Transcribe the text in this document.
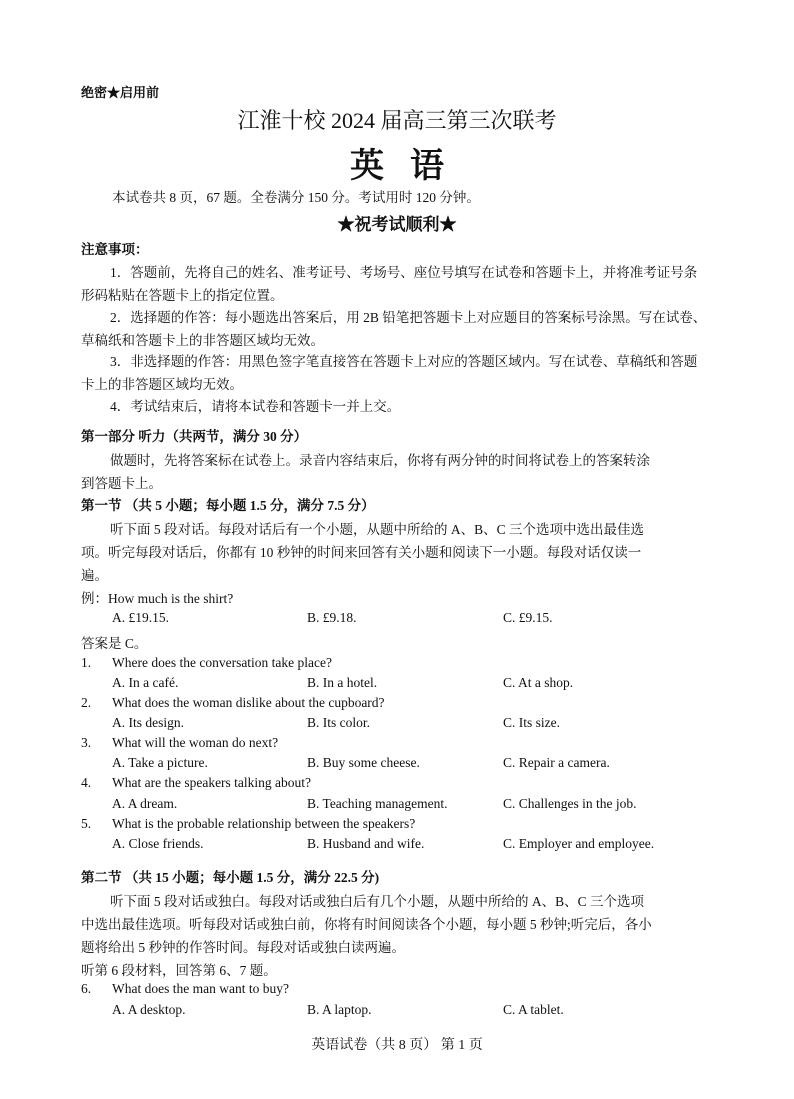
绝密★启用前
江淮十校 2024 届高三第三次联考
英语
本试卷共 8 页，67 题。全卷满分 150 分。考试用时 120 分钟。
★祝考试顺利★
注意事项：
1．答题前，先将自己的姓名、准考证号、考场号、座位号填写在试卷和答题卡上，并将准考证号条
形码粘贴在答题卡上的指定位置。
2．选择题的作答：每小题选出答案后，用 2B 铅笔把答题卡上对应题目的答案标号涂黑。写在试卷、
草稿纸和答题卡上的非答题区域均无效。
3．非选择题的作答：用黑色签字笔直接答在答题卡上对应的答题区域内。写在试卷、草稿纸和答题
卡上的非答题区域均无效。
4．考试结束后，请将本试卷和答题卡一并上交。
第一部分 听力（共两节，满分 30 分）
做题时，先将答案标在试卷上。录音内容结束后，你将有两分钟的时间将试卷上的答案转涂
到答题卡上。
第一节 （共 5 小题；每小题 1.5 分，满分 7.5 分）
听下面 5 段对话。每段对话后有一个小题，从题中所给的 A、B、C 三个选项中选出最佳选
项。听完每段对话后，你都有 10 秒钟的时间来回答有关小题和阅读下一小题。每段对话仅读一
遍。
例：How much is the shirt?
A. £19.15.	B. £9.18.	C. £9.15.
答案是 C。
1. Where does the conversation take place?
A. In a café.	B. In a hotel.	C. At a shop.
2. What does the woman dislike about the cupboard?
A. Its design.	B. Its color.	C. Its size.
3. What will the woman do next?
A. Take a picture.	B. Buy some cheese.	C. Repair a camera.
4. What are the speakers talking about?
A. A dream.	B. Teaching management.	C. Challenges in the job.
5. What is the probable relationship between the speakers?
A. Close friends.	B. Husband and wife.	C. Employer and employee.
第二节 （共 15 小题；每小题 1.5 分，满分 22.5 分)
听下面 5 段对话或独白。每段对话或独白后有几个小题，从题中所给的 A、B、C 三个选项
中选出最佳选项。听每段对话或独白前，你将有时间阅读各个小题，每小题 5 秒钟;听完后，各小
题将给出 5 秒钟的作答时间。每段对话或独白读两遍。
听第 6 段材料，回答第 6、7 题。
6. What does the man want to buy?
A. A desktop.	B. A laptop.	C. A tablet.
英语试卷（共 8 页） 第 1 页
